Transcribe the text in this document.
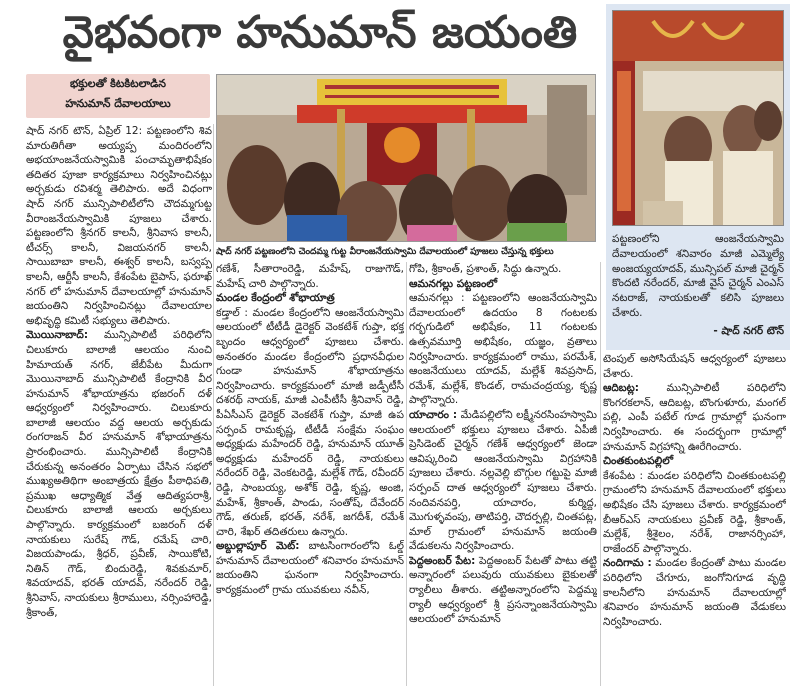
వైభవంగా హనుమాన్ జయంతి
భక్తులతో కిటకిటలాడిన
హనుమాన్ దేవాలయాలు
షాద్ నగర్ పట్టణంలోని చెందమ్మ గుట్ట వీరాంజనేయస్వామి దేవాలయంలో పూజలు చేస్తున్న భక్తులు
పట్టణంలోని ఆంజనేయస్వామి దేవాలయంలో శనివారం మాజీ ఎమ్మెల్యే అంజయ్యయాదవ్, మున్సిపల్ మాజీ చైర్మన్ కొందటి నరేందర్, మాజీ వైస్ చైర్మన్ ఎంఎస్ నటరాజ్, నాయకులతో కలిసి పూజలు చేశారు.
- షాద్ నగర్ టౌన్

షాద్ నగర్ టౌన్, ఏప్రిల్ 12: పట్టణంలోని శివ మారుతిగీతా అయ్యప్ప మందిరంలోని అభయాంజనేయస్వామికి పంచామృతాభిషేకం తదితర పూజా కార్యక్రమాలు నిర్వహించినట్లు అర్చకుడు రవిశర్మ తెలిపారు. అదే విధంగా షాద్ నగర్ మున్సిపాలిటీలోని చౌదమ్మగుట్ట వీరాంజనేయస్వామికి పూజలు చేశారు. పట్టణంలోని శ్రీనగర్ కాలనీ, శ్రీనివాస కాలనీ, టీచర్స్ కాలనీ, విజయనగర్ కాలనీ, సాయిబాబా కాలనీ, ఈశ్వర్ కాలనీ, బస్వప్ప కాలనీ, ఆర్టీసీ కాలనీ, కేశంపేట బైపాస్, ఫరూఖ్ నగర్ లో హనుమాన్ దేవాలయాల్లో హనుమాన్ జయంతిని నిర్వహించినట్లు దేవాలయాల అభివృద్ధి కమిటీ సభ్యులు తెలిపారు.

మొయినాబాద్: మున్సిపాలిటీ పరిధిలోని చిలుకూరు బాలాజీ ఆలయం నుంచి హిమాయత్ నగర్, జేబీపేట మీదుగా మొయినాబాద్ మున్సిపాలిటీ కేంద్రానికి వీర హనుమాన్ శోభాయాత్రను భజరంగ్ దళ్ ఆధ్వర్యంలో నిర్వహించారు. చిలుకూరు బాలాజీ ఆలయం వద్ద ఆలయ అర్చకుడు రంగరాజన్ వీర హనుమాన్ శోభాయాత్రను ప్రారంభించారు. మున్సిపాలిటీ కేంద్రానికి చేరుకున్న అనంతరం ఏర్పాటు చేసిన సభలో ముఖ్యఅతిథిగా అంబాత్రయ క్షేత్రం పీఠాధిపతి, ప్రముఖ ఆధ్యాత్మిక వేత్త ఆదిత్యపరాశ్రీ, చిలుకూరు బాలాజీ ఆలయ అర్చకులు పాల్గొన్నారు. కార్యక్రమంలో బజరంగ్ దళ్ నాయకులు సురేష్ గౌడ్, రమేష్ చారి, విజయపాండు, శ్రీధర్, ప్రవీణ్, సాయికోటి, నితిన్ గౌడ్, బిందురెడ్డి, శివకుమార్, శివయాదవ్, భరత్ యాదవ్, నరేందర్ రెడ్డి, శ్రీనివాస్, నాయకులు శ్రీరాములు, నర్సింహారెడ్డి, శ్రీకాంత్,

గణేశ్, సీతారాంరెడ్డి, మహేష్, రాజుగౌడ్, మహేష్ చారి పాల్గొన్నారు.

మండల కేంద్రంలో శోభాయాత్ర
కడ్తాల్ : మండల కేంద్రంలోని ఆంజనేయస్వామి ఆలయంలో టీటీడీ డైరెక్టర్ వెంకటేశ్ గుప్తా, భక్త బృందం ఆధ్వర్యంలో పూజలు చేశారు. అనంతరం మండల కేంద్రంలోని ప్రధానవీధుల గుండా హనుమాన్ శోభాయాత్రను నిర్వహించారు. కార్యక్రమంలో మాజీ జడ్పీటీసీ దశరథ్ నాయక్, మాజీ ఎంపీటీసీ శ్రీనివాస్ రెడ్డి, పీఏసీఎస్ డైరెక్టర్ వెంకటేశ్ గుప్తా, మాజీ ఉప సర్పంచ్ రామకృష్ణ, టీటీడీ సంక్షేమ సంఘం అధ్యక్షుడు మహేందర్ రెడ్డి, హనుమాన్ యూత్ అధ్యక్షుడు మహేందర్ రెడ్డి, నాయకులు నరేందర్ రెడ్డి, వెంకటరెడ్డి, మల్లేశ్ గౌడ్, రవీందర్ రెడ్డి, సాంబయ్య, అశోక్ రెడ్డి, కృష్ణ, అంజి, మహేశ్, శ్రీకాంత్, పాండు, సంతోష్, దేవేందర్ గౌడ్, తరుణ్, భరత్, నరేశ్, జగదీశ్, రమేశ్ చారి, శేఖర్ తదితరులు ఉన్నారు.

అబ్దుల్లాపూర్ మెట్: బాటసింగారంలోని ఓల్డ్ హనుమాన్ దేవాలయంలో శనివారం హనుమాన్ జయంతిని ఘనంగా నిర్వహించారు. కార్యక్రమంలో గ్రామ యువకులు నవీన్,

గోపి, శ్రీకాంత్, ప్రశాంత్, సిద్ధు ఉన్నారు.

ఆమనగల్లు పట్టణంలో
ఆమనగల్లు : పట్టణంలోని ఆంజనేయస్వామి దేవాలయంలో ఉదయం 8 గంటలకు గర్భగుడిలో అభిషేకం, 11 గంటలకు ఉత్సవమూర్తి అభిషేకం, యజ్ఞం, వ్రతాలు నిర్వహించారు. కార్యక్రమంలో రాము, పరమేశ్, ఆంజనేయులు యాదవ్, మల్లేశ్ శివప్రసాద్, రమేశ్, మల్లేశ్, కొండల్, రామచంద్రయ్య, కృష్ణ పాల్గొన్నారు.

యాచారం : మేడిపల్లిలోని లక్ష్మీనరసింహస్వామి ఆలయంలో భక్తులు పూజలు చేశారు. ఏపీజీ ప్రెసిడెంట్ చైర్మన్ గణేశ్ ఆధ్వర్యంలో జెండా ఆవిష్కరించి ఆంజనేయస్వామి విగ్రహానికి పూజలు చేశారు. నల్లవెల్లి బొగ్గుల గట్టుపై మాజీ సర్పంచ్ దాత ఆధ్వర్యంలో పూజలు చేశారు. నందివనపర్తి, యాచారం, కుర్మిద్ద, మొగుళ్ళవంపు, తాటిపర్తి, చౌదర్పల్లి, చింతపట్ల, మాల్ గ్రామంలో హనుమాన్ జయంతి వేడుకలను నిర్వహించారు.

పెద్దఅంబర్ పేట: పెద్దఅంబర్ పేటతో పాటు తట్టి అన్నారంలో పలువురు యువకులు బైకులతో ర్యాలీలు తీశారు. తట్టిఅన్నారంలోని పెద్దమ్మ ర్యాలీ ఆధ్వర్యంలో శ్రీ ప్రసన్నాంజనేయస్వామి ఆలయంలో హనుమాన్

టెంపుల్ అసోసియేషన్ ఆధ్వర్యంలో పూజలు చేశారు.

ఆదిబట్ల:	మున్సిపాలిటీ పరిధిలోని కొంగరకలాన్, ఆదిబట్ల, బొంగుళూరు, మంగల్ పల్లి, ఎంపీ పటేల్ గూడ గ్రామాల్లో ఘనంగా నిర్వహించారు. ఈ సందర్భంగా గ్రామాల్లో హనుమాన్ విగ్రహాన్ని ఊరేగించారు.

చింతకుంటపల్లిలో
కేశంపేట : మండల పరిధిలోని చింతకుంటపల్లి గ్రామంలోని హనుమాన్ దేవాలయంలో భక్తులు అభిషేకం చేసి పూజలు చేశారు. కార్యక్రమంలో బీఆర్ఎస్ నాయకులు ప్రవీణ్ రెడ్డి, శ్రీకాంత్, మల్లేశ్, శ్రీశైలం, నరేశ్, రాజానర్సింహా, రాజేందర్ పాల్గొన్నారు.

నందిగామ : మండల కేంద్రంతో పాటు మండల పరిధిలోని చేగూరు, జంగోనిగూడ వృద్ధి కాలనీలోని హనుమాన్ దేవాలయాల్లో శనివారం హనుమాన్ జయంతి వేడుకలు నిర్వహించారు.
